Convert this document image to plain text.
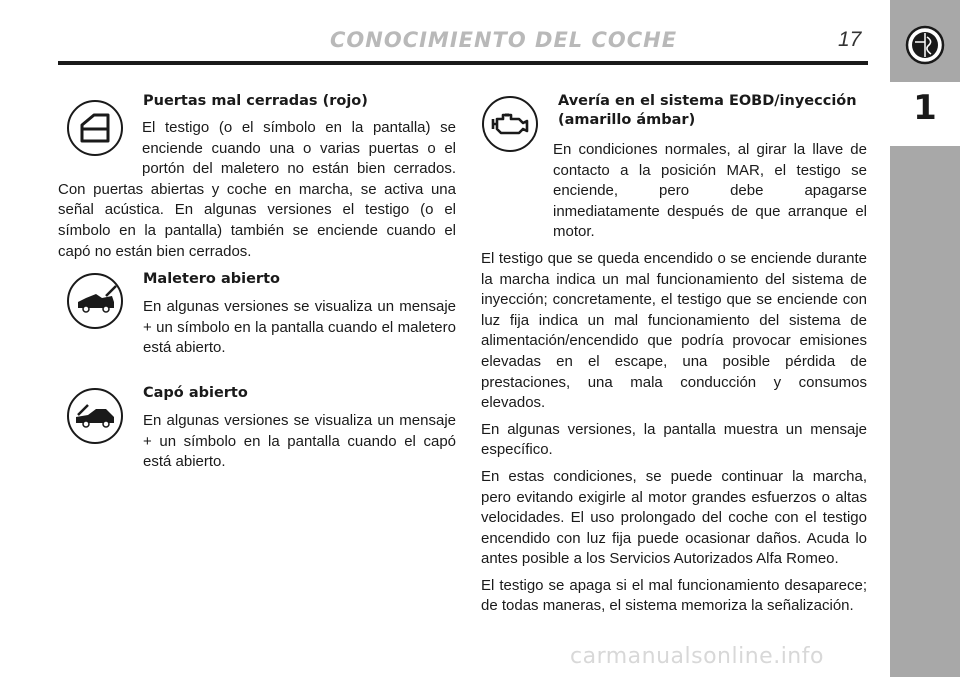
CONOCIMIENTO DEL COCHE	17
1
Puertas mal cerradas (rojo)
El testigo (o el símbolo en la pantalla) se enciende cuando una o varias puertas o el portón del maletero no están bien cerrados. Con puertas abiertas y coche en marcha, se activa una señal acústica. En algunas versiones el testigo (o el símbolo en la pantalla) también se enciende cuando el capó no están bien cerrados.
Maletero abierto
En algunas versiones se visualiza un mensaje + un símbolo en la pantalla cuando el maletero está abierto.
Capó abierto
En algunas versiones se visualiza un mensaje + un símbolo en la pantalla cuando el capó está abierto.
Avería en el sistema EOBD/inyección (amarillo ámbar)

En condiciones normales, al girar la llave de contacto a la posición MAR, el testigo se enciende, pero debe apagarse inmediatamente después de que arranque el motor.

El testigo que se queda encendido o se enciende durante la marcha indica un mal funcionamiento del sistema de inyección; concretamente, el testigo que se enciende con luz fija indica un mal funcionamiento del sistema de alimentación/encendido que podría provocar emisiones elevadas en el escape, una posible pérdida de prestaciones, una mala conducción y consumos elevados.

En algunas versiones, la pantalla muestra un mensaje específico.

En estas condiciones, se puede continuar la marcha, pero evitando exigirle al motor grandes esfuerzos o altas velocidades. El uso prolongado del coche con el testigo encendido con luz fija puede ocasionar daños. Acuda lo antes posible a los Servicios Autorizados Alfa Romeo.

El testigo se apaga si el mal funcionamiento desaparece; de todas maneras, el sistema memoriza la señalización.

carmanualsonline.info
